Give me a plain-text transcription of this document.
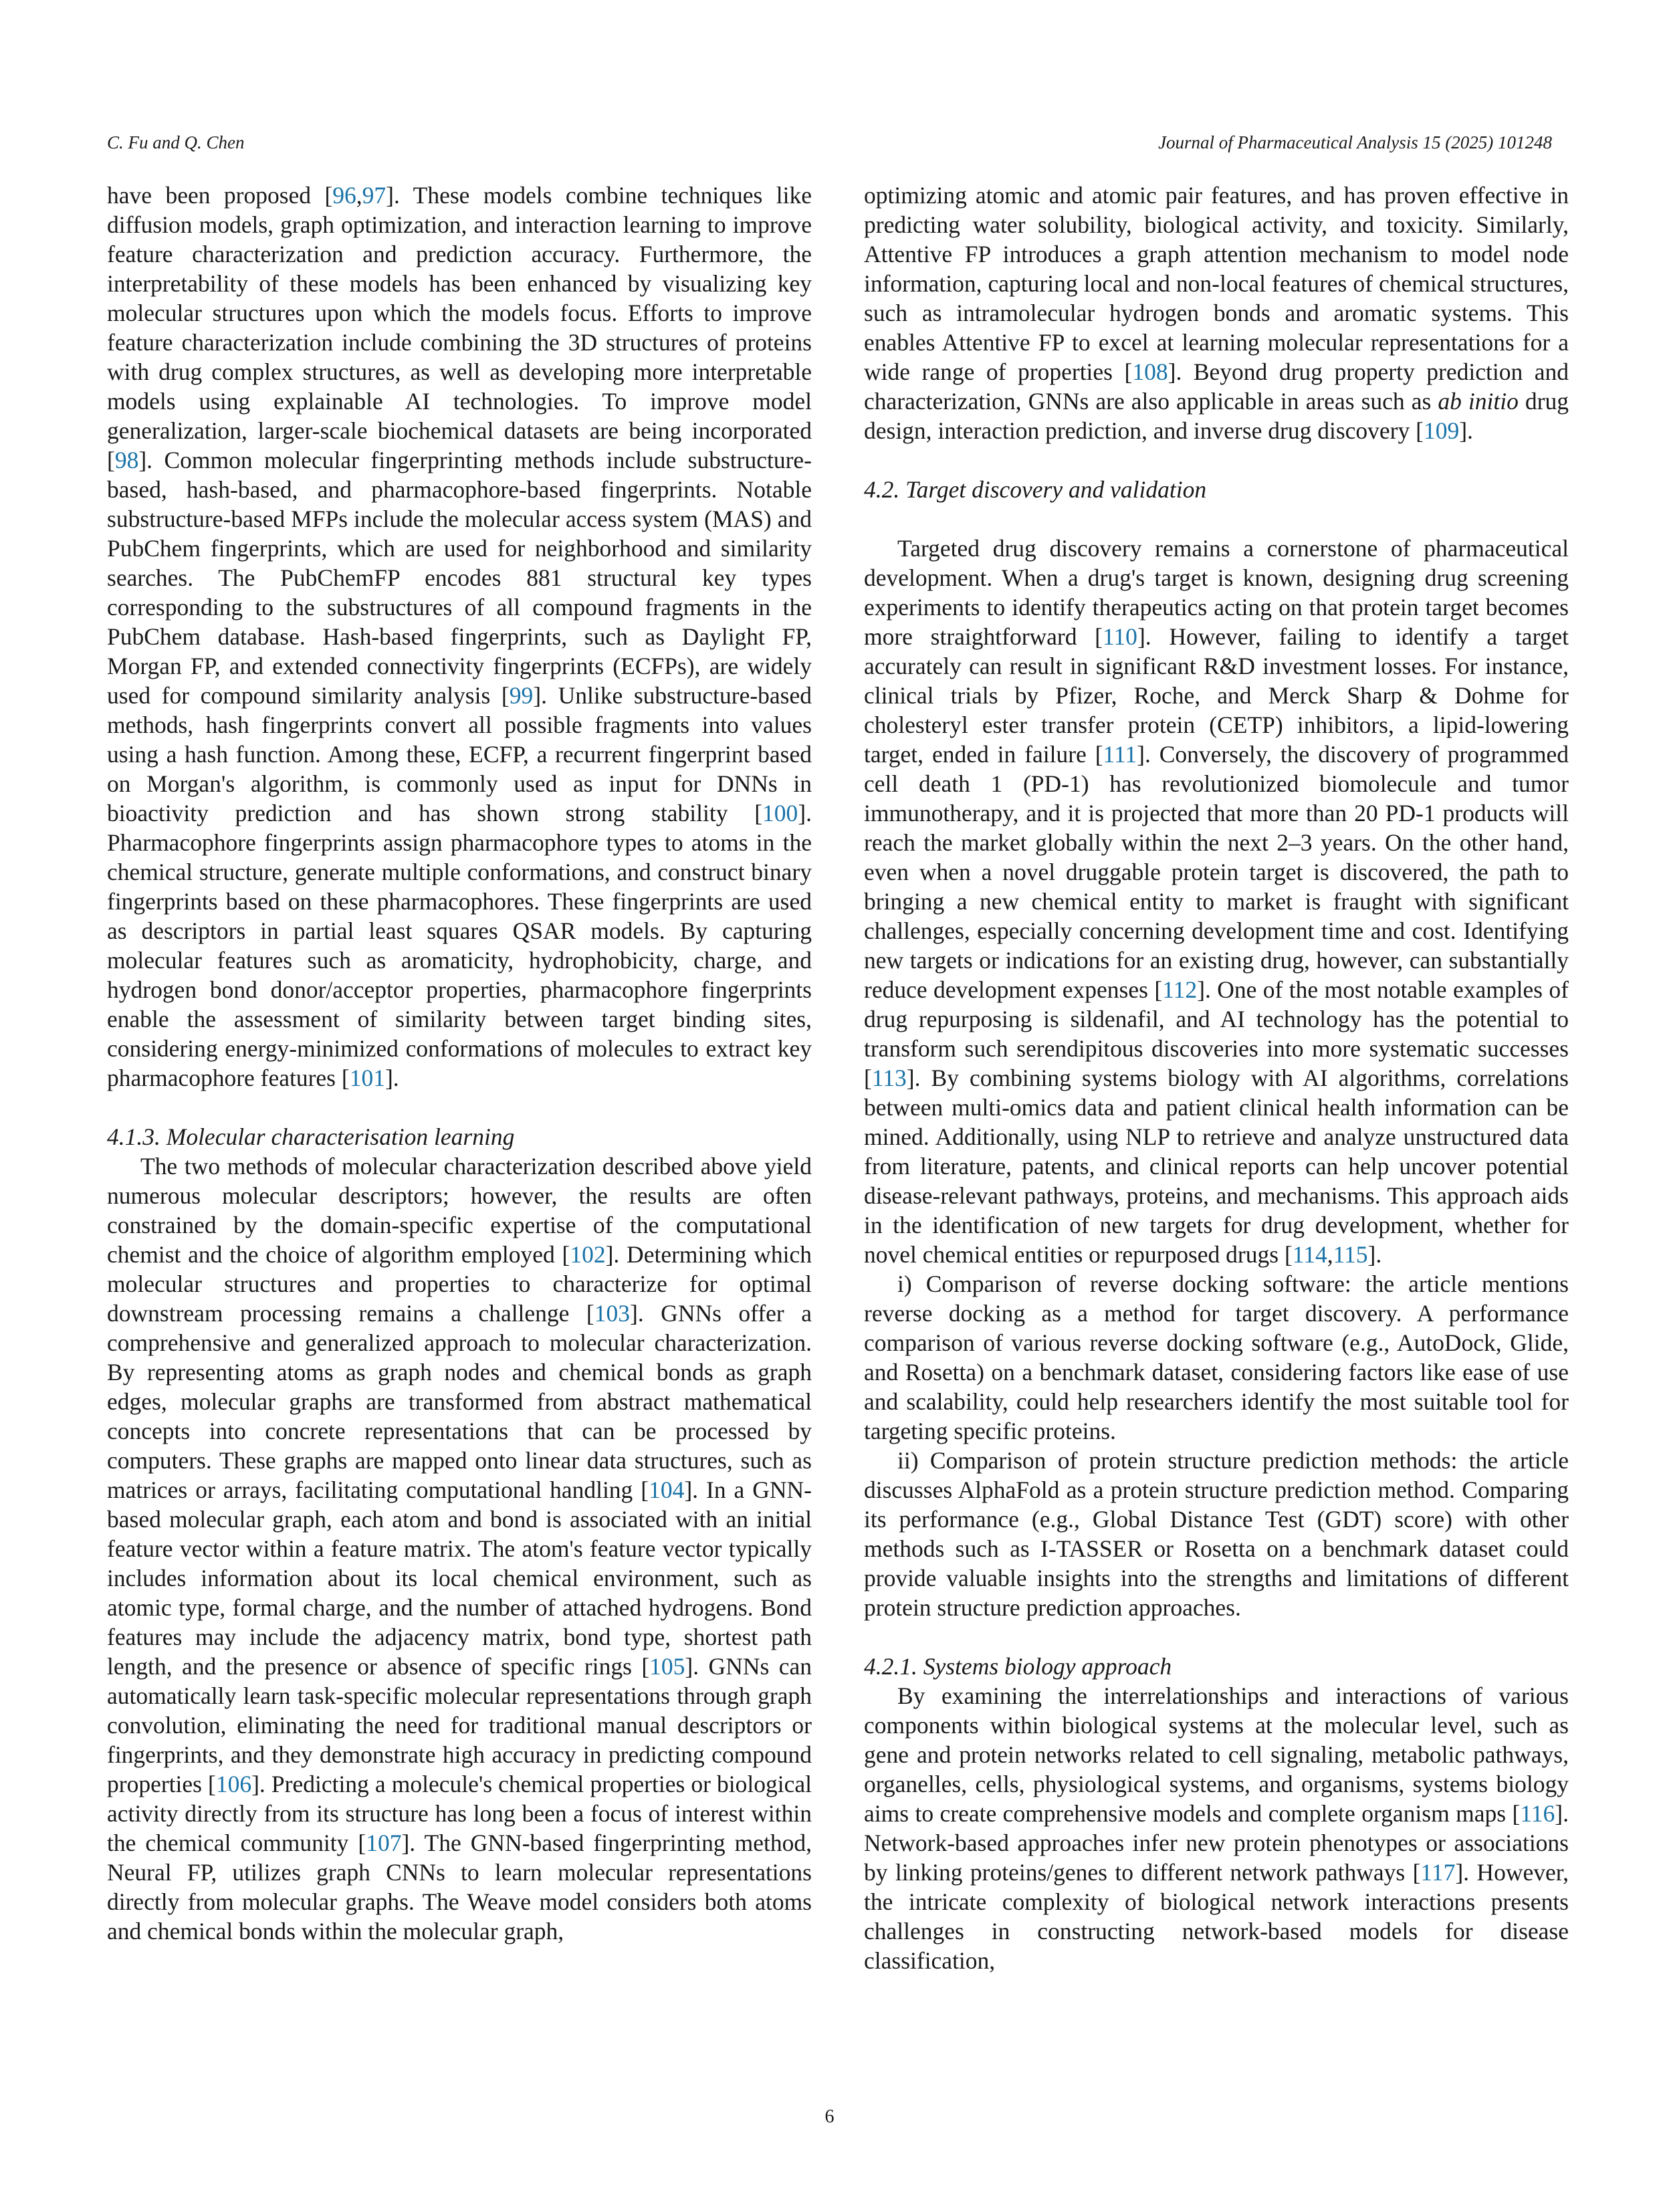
C. Fu and Q. Chen	Journal of Pharmaceutical Analysis 15 (2025) 101248

have been proposed [96,97]. These models combine techniques like diffusion models, graph optimization, and interaction learning to improve feature characterization and prediction accuracy. Furthermore, the interpretability of these models has been enhanced by visualizing key molecular structures upon which the models focus. Efforts to improve feature characterization include combining the 3D structures of proteins with drug complex structures, as well as developing more interpretable models using explainable AI technologies. To improve model generalization, larger-scale biochemical datasets are being incorporated [98]. Common molecular fingerprinting methods include substructure-based, hash-based, and pharmacophore-based fingerprints. Notable substructure-based MFPs include the molecular access system (MAS) and PubChem fingerprints, which are used for neighborhood and similarity searches. The PubChemFP encodes 881 structural key types corresponding to the substructures of all compound fragments in the PubChem database. Hash-based fingerprints, such as Daylight FP, Morgan FP, and extended connectivity fingerprints (ECFPs), are widely used for compound similarity analysis [99]. Unlike substructure-based methods, hash fingerprints convert all possible fragments into values using a hash function. Among these, ECFP, a recurrent fingerprint based on Morgan's algorithm, is commonly used as input for DNNs in bioactivity prediction and has shown strong stability [100]. Pharmacophore fingerprints assign pharmacophore types to atoms in the chemical structure, generate multiple conformations, and construct binary fingerprints based on these pharmacophores. These fingerprints are used as descriptors in partial least squares QSAR models. By capturing molecular features such as aromaticity, hydrophobicity, charge, and hydrogen bond donor/acceptor properties, pharmacophore fingerprints enable the assessment of similarity between target binding sites, considering energy-minimized conformations of molecules to extract key pharmacophore features [101].

4.1.3. Molecular characterisation learning

The two methods of molecular characterization described above yield numerous molecular descriptors; however, the results are often constrained by the domain-specific expertise of the computational chemist and the choice of algorithm employed [102]. Determining which molecular structures and properties to characterize for optimal downstream processing remains a challenge [103]. GNNs offer a comprehensive and generalized approach to molecular characterization. By representing atoms as graph nodes and chemical bonds as graph edges, molecular graphs are transformed from abstract mathematical concepts into concrete representations that can be processed by computers. These graphs are mapped onto linear data structures, such as matrices or arrays, facilitating computational handling [104]. In a GNN-based molecular graph, each atom and bond is associated with an initial feature vector within a feature matrix. The atom's feature vector typically includes information about its local chemical environment, such as atomic type, formal charge, and the number of attached hydrogens. Bond features may include the adjacency matrix, bond type, shortest path length, and the presence or absence of specific rings [105]. GNNs can automatically learn task-specific molecular representations through graph convolution, eliminating the need for traditional manual descriptors or fingerprints, and they demonstrate high accuracy in predicting compound properties [106]. Predicting a molecule's chemical properties or biological activity directly from its structure has long been a focus of interest within the chemical community [107]. The GNN-based fingerprinting method, Neural FP, utilizes graph CNNs to learn molecular representations directly from molecular graphs. The Weave model considers both atoms and chemical bonds within the molecular graph,

optimizing atomic and atomic pair features, and has proven effective in predicting water solubility, biological activity, and toxicity. Similarly, Attentive FP introduces a graph attention mechanism to model node information, capturing local and non-local features of chemical structures, such as intramolecular hydrogen bonds and aromatic systems. This enables Attentive FP to excel at learning molecular representations for a wide range of properties [108]. Beyond drug property prediction and characterization, GNNs are also applicable in areas such as ab initio drug design, interaction prediction, and inverse drug discovery [109].

4.2. Target discovery and validation

Targeted drug discovery remains a cornerstone of pharmaceutical development. When a drug's target is known, designing drug screening experiments to identify therapeutics acting on that protein target becomes more straightforward [110]. However, failing to identify a target accurately can result in significant R&D investment losses. For instance, clinical trials by Pfizer, Roche, and Merck Sharp & Dohme for cholesteryl ester transfer protein (CETP) inhibitors, a lipid-lowering target, ended in failure [111]. Conversely, the discovery of programmed cell death 1 (PD-1) has revolutionized biomolecule and tumor immunotherapy, and it is projected that more than 20 PD-1 products will reach the market globally within the next 2–3 years. On the other hand, even when a novel druggable protein target is discovered, the path to bringing a new chemical entity to market is fraught with significant challenges, especially concerning development time and cost. Identifying new targets or indications for an existing drug, however, can substantially reduce development expenses [112]. One of the most notable examples of drug repurposing is sildenafil, and AI technology has the potential to transform such serendipitous discoveries into more systematic successes [113]. By combining systems biology with AI algorithms, correlations between multi-omics data and patient clinical health information can be mined. Additionally, using NLP to retrieve and analyze unstructured data from literature, patents, and clinical reports can help uncover potential disease-relevant pathways, proteins, and mechanisms. This approach aids in the identification of new targets for drug development, whether for novel chemical entities or repurposed drugs [114,115].

i) Comparison of reverse docking software: the article mentions reverse docking as a method for target discovery. A performance comparison of various reverse docking software (e.g., AutoDock, Glide, and Rosetta) on a benchmark dataset, considering factors like ease of use and scalability, could help researchers identify the most suitable tool for targeting specific proteins.

ii) Comparison of protein structure prediction methods: the article discusses AlphaFold as a protein structure prediction method. Comparing its performance (e.g., Global Distance Test (GDT) score) with other methods such as I-TASSER or Rosetta on a benchmark dataset could provide valuable insights into the strengths and limitations of different protein structure prediction approaches.

4.2.1. Systems biology approach

By examining the interrelationships and interactions of various components within biological systems at the molecular level, such as gene and protein networks related to cell signaling, metabolic pathways, organelles, cells, physiological systems, and organisms, systems biology aims to create comprehensive models and complete organism maps [116]. Network-based approaches infer new protein phenotypes or associations by linking proteins/genes to different network pathways [117]. However, the intricate complexity of biological network interactions presents challenges in constructing network-based models for disease classification,

6
